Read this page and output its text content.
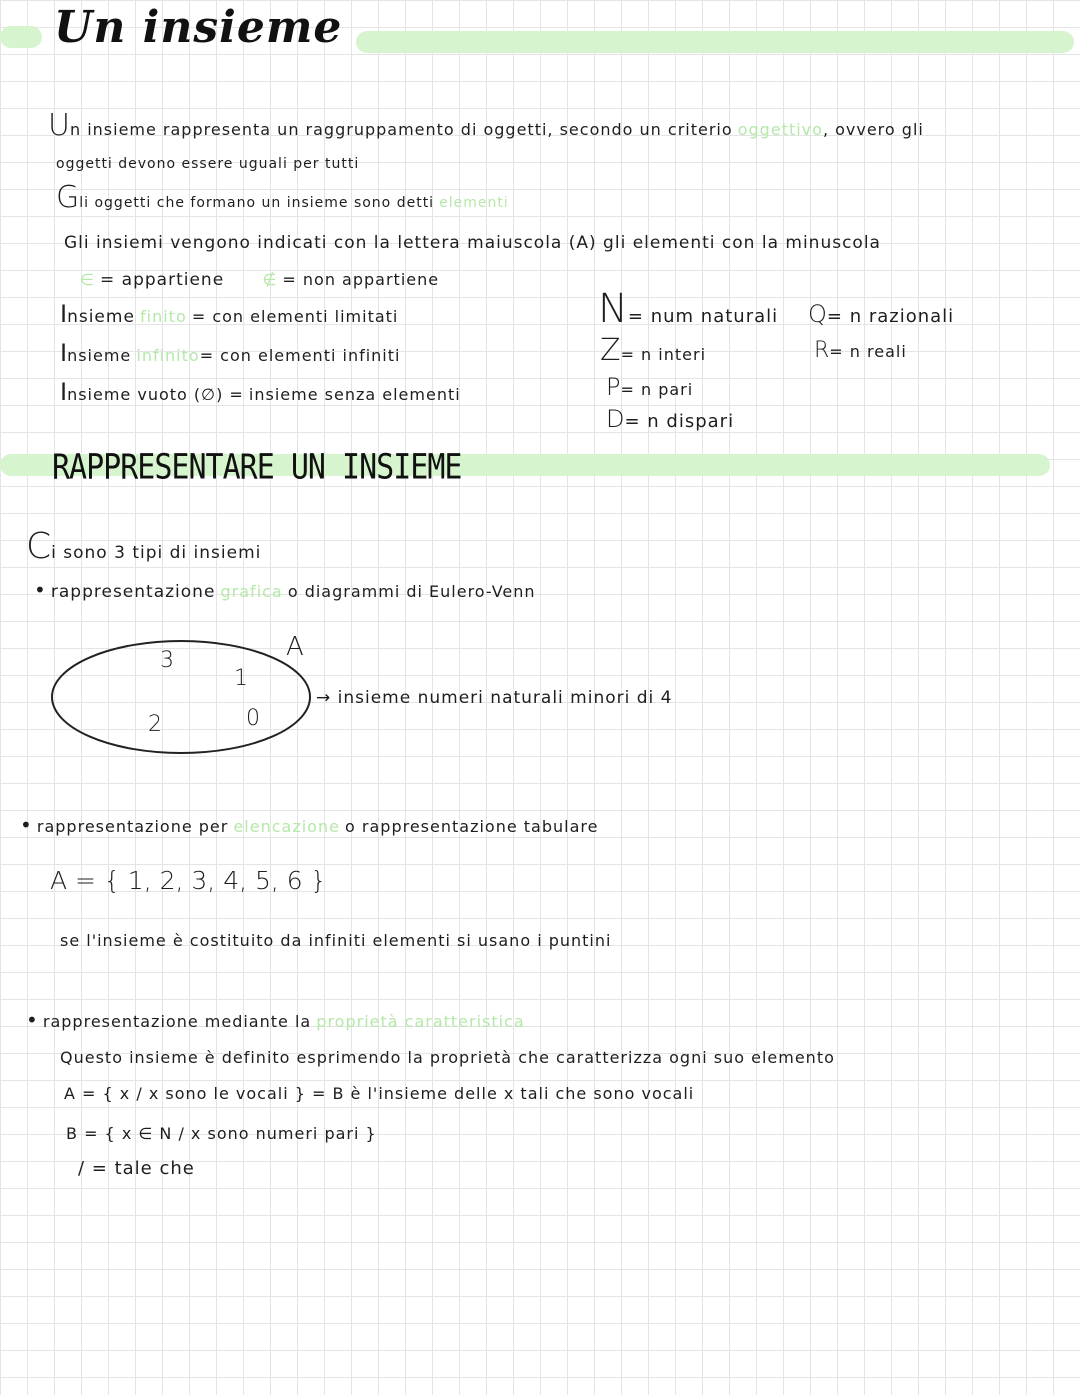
Un insieme
Un insieme rappresenta un raggruppamento di oggetti, secondo un criterio oggettivo, ovvero gli
oggetti devono essere uguali per tutti
Gli oggetti che formano un insieme sono detti elementi
Gli insiemi vengono indicati con la lettera maiuscola (A) gli elementi con la minuscola
∈ = appartiene ∉ = non appartiene
Insieme finito = con elementi limitati
Insieme infinito= con elementi infiniti
Insieme vuoto (∅) = insieme senza elementi
N= num naturali
Z= n interi
P= n pari
D= n dispari
Q= n razionali
R= n reali
RAPPRESENTARE UN INSIEME
Ci sono 3 tipi di insiemi
• rappresentazione grafica o diagrammi di Eulero-Venn
A
3
1
2	0
→ insieme numeri naturali minori di 4
• rappresentazione per elencazione o rappresentazione tabulare
A = { 1, 2, 3, 4, 5, 6 }
se l'insieme è costituito da infiniti elementi si usano i puntini
• rappresentazione mediante la proprietà caratteristica
Questo insieme è definito esprimendo la proprietà che caratterizza ogni suo elemento
A = { x / x sono le vocali } = B è l'insieme delle x tali che sono vocali
B = { x ∈ N / x sono numeri pari }
/ = tale che
